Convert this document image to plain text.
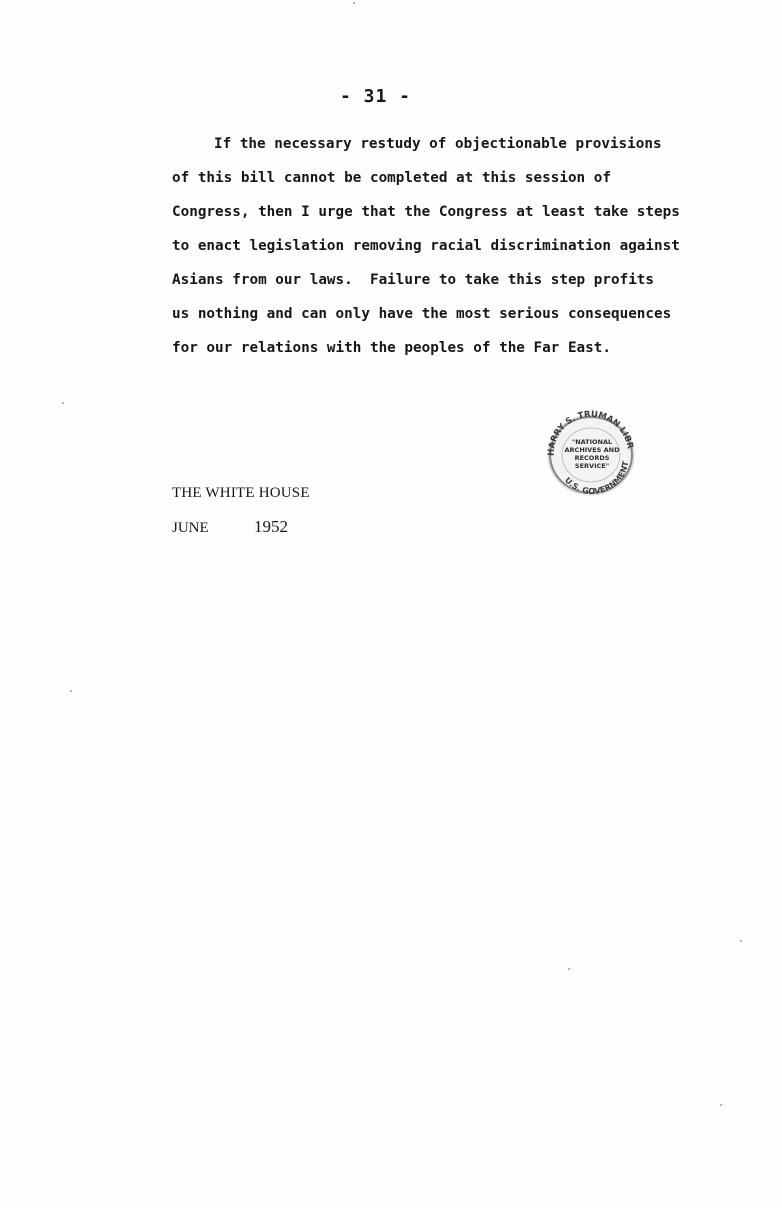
- 31 -
If the necessary restudy of objectionable provisions
of this bill cannot be completed at this session of
Congress, then I urge that the Congress at least take steps
to enact legislation removing racial discrimination against
Asians from our laws.  Failure to take this step profits
us nothing and can only have the most serious consequences
for our relations with the peoples of the Far East.
HARRY S. TRUMAN LIBR
U.S. GOVERNMENT
"NATIONAL
ARCHIVES AND
RECORDS
SERVICE"
THE WHITE HOUSE
JUNE	1952
